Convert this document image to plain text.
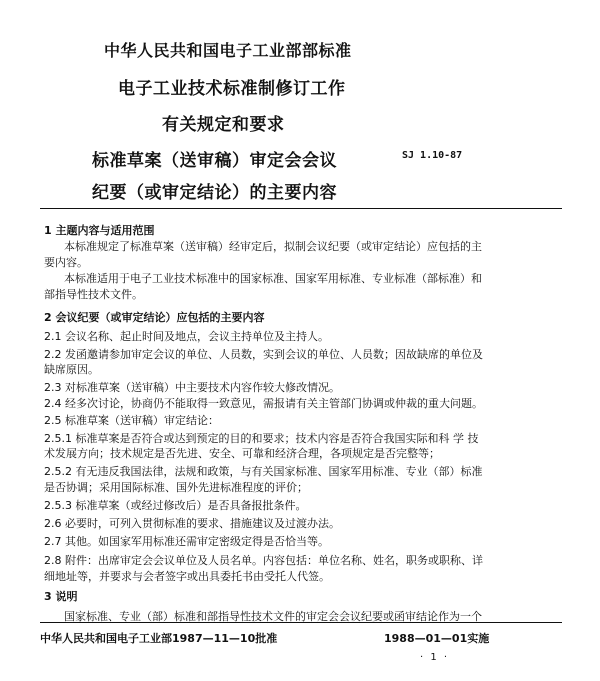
中华人民共和国电子工业部部标准
电子工业技术标准制修订工作
有关规定和要求
标准草案（送审稿）审定会会议
纪要（或审定结论）的主要内容
SJ 1.10-87
1 主题内容与适用范围
本标准规定了标准草案（送审稿）经审定后，拟制会议纪要（或审定结论）应包括的主
要内容。
本标准适用于电子工业技术标准中的国家标准、国家军用标准、专业标准（部标准）和
部指导性技术文件。
2 会议纪要（或审定结论）应包括的主要内容
2.1 会议名称、起止时间及地点，会议主持单位及主持人。
2.2 发函邀请参加审定会议的单位、人员数，实到会议的单位、人员数；因故缺席的单位及
缺席原因。
2.3 对标准草案（送审稿）中主要技术内容作较大修改情况。
2.4 经多次讨论，协商仍不能取得一致意见，需报请有关主管部门协调或仲裁的重大问题。
2.5 标准草案（送审稿）审定结论：
2.5.1 标准草案是否符合或达到预定的目的和要求；技术内容是否符合我国实际和科 学 技
术发展方向；技术规定是否先进、安全、可靠和经济合理，各项规定是否完整等；
2.5.2 有无违反我国法律，法规和政策，与有关国家标准、国家军用标准、专业（部）标准
是否协调；采用国际标准、国外先进标准程度的评价；
2.5.3 标准草案（或经过修改后）是否具备报批条件。
2.6 必要时，可列入贯彻标准的要求、措施建议及过渡办法。
2.7 其他。如国家军用标准还需审定密级定得是否恰当等。
2.8 附件：出席审定会会议单位及人员名单。内容包括：单位名称、姓名，职务或职称、详
细地址等，并要求与会者签字或出具委托书由受托人代签。
3 说明
国家标准、专业（部）标准和部指导性技术文件的审定会会议纪要或函审结论作为一个
中华人民共和国电子工业部1987—11—10批准	1988—01—01实施
· 1 ·
